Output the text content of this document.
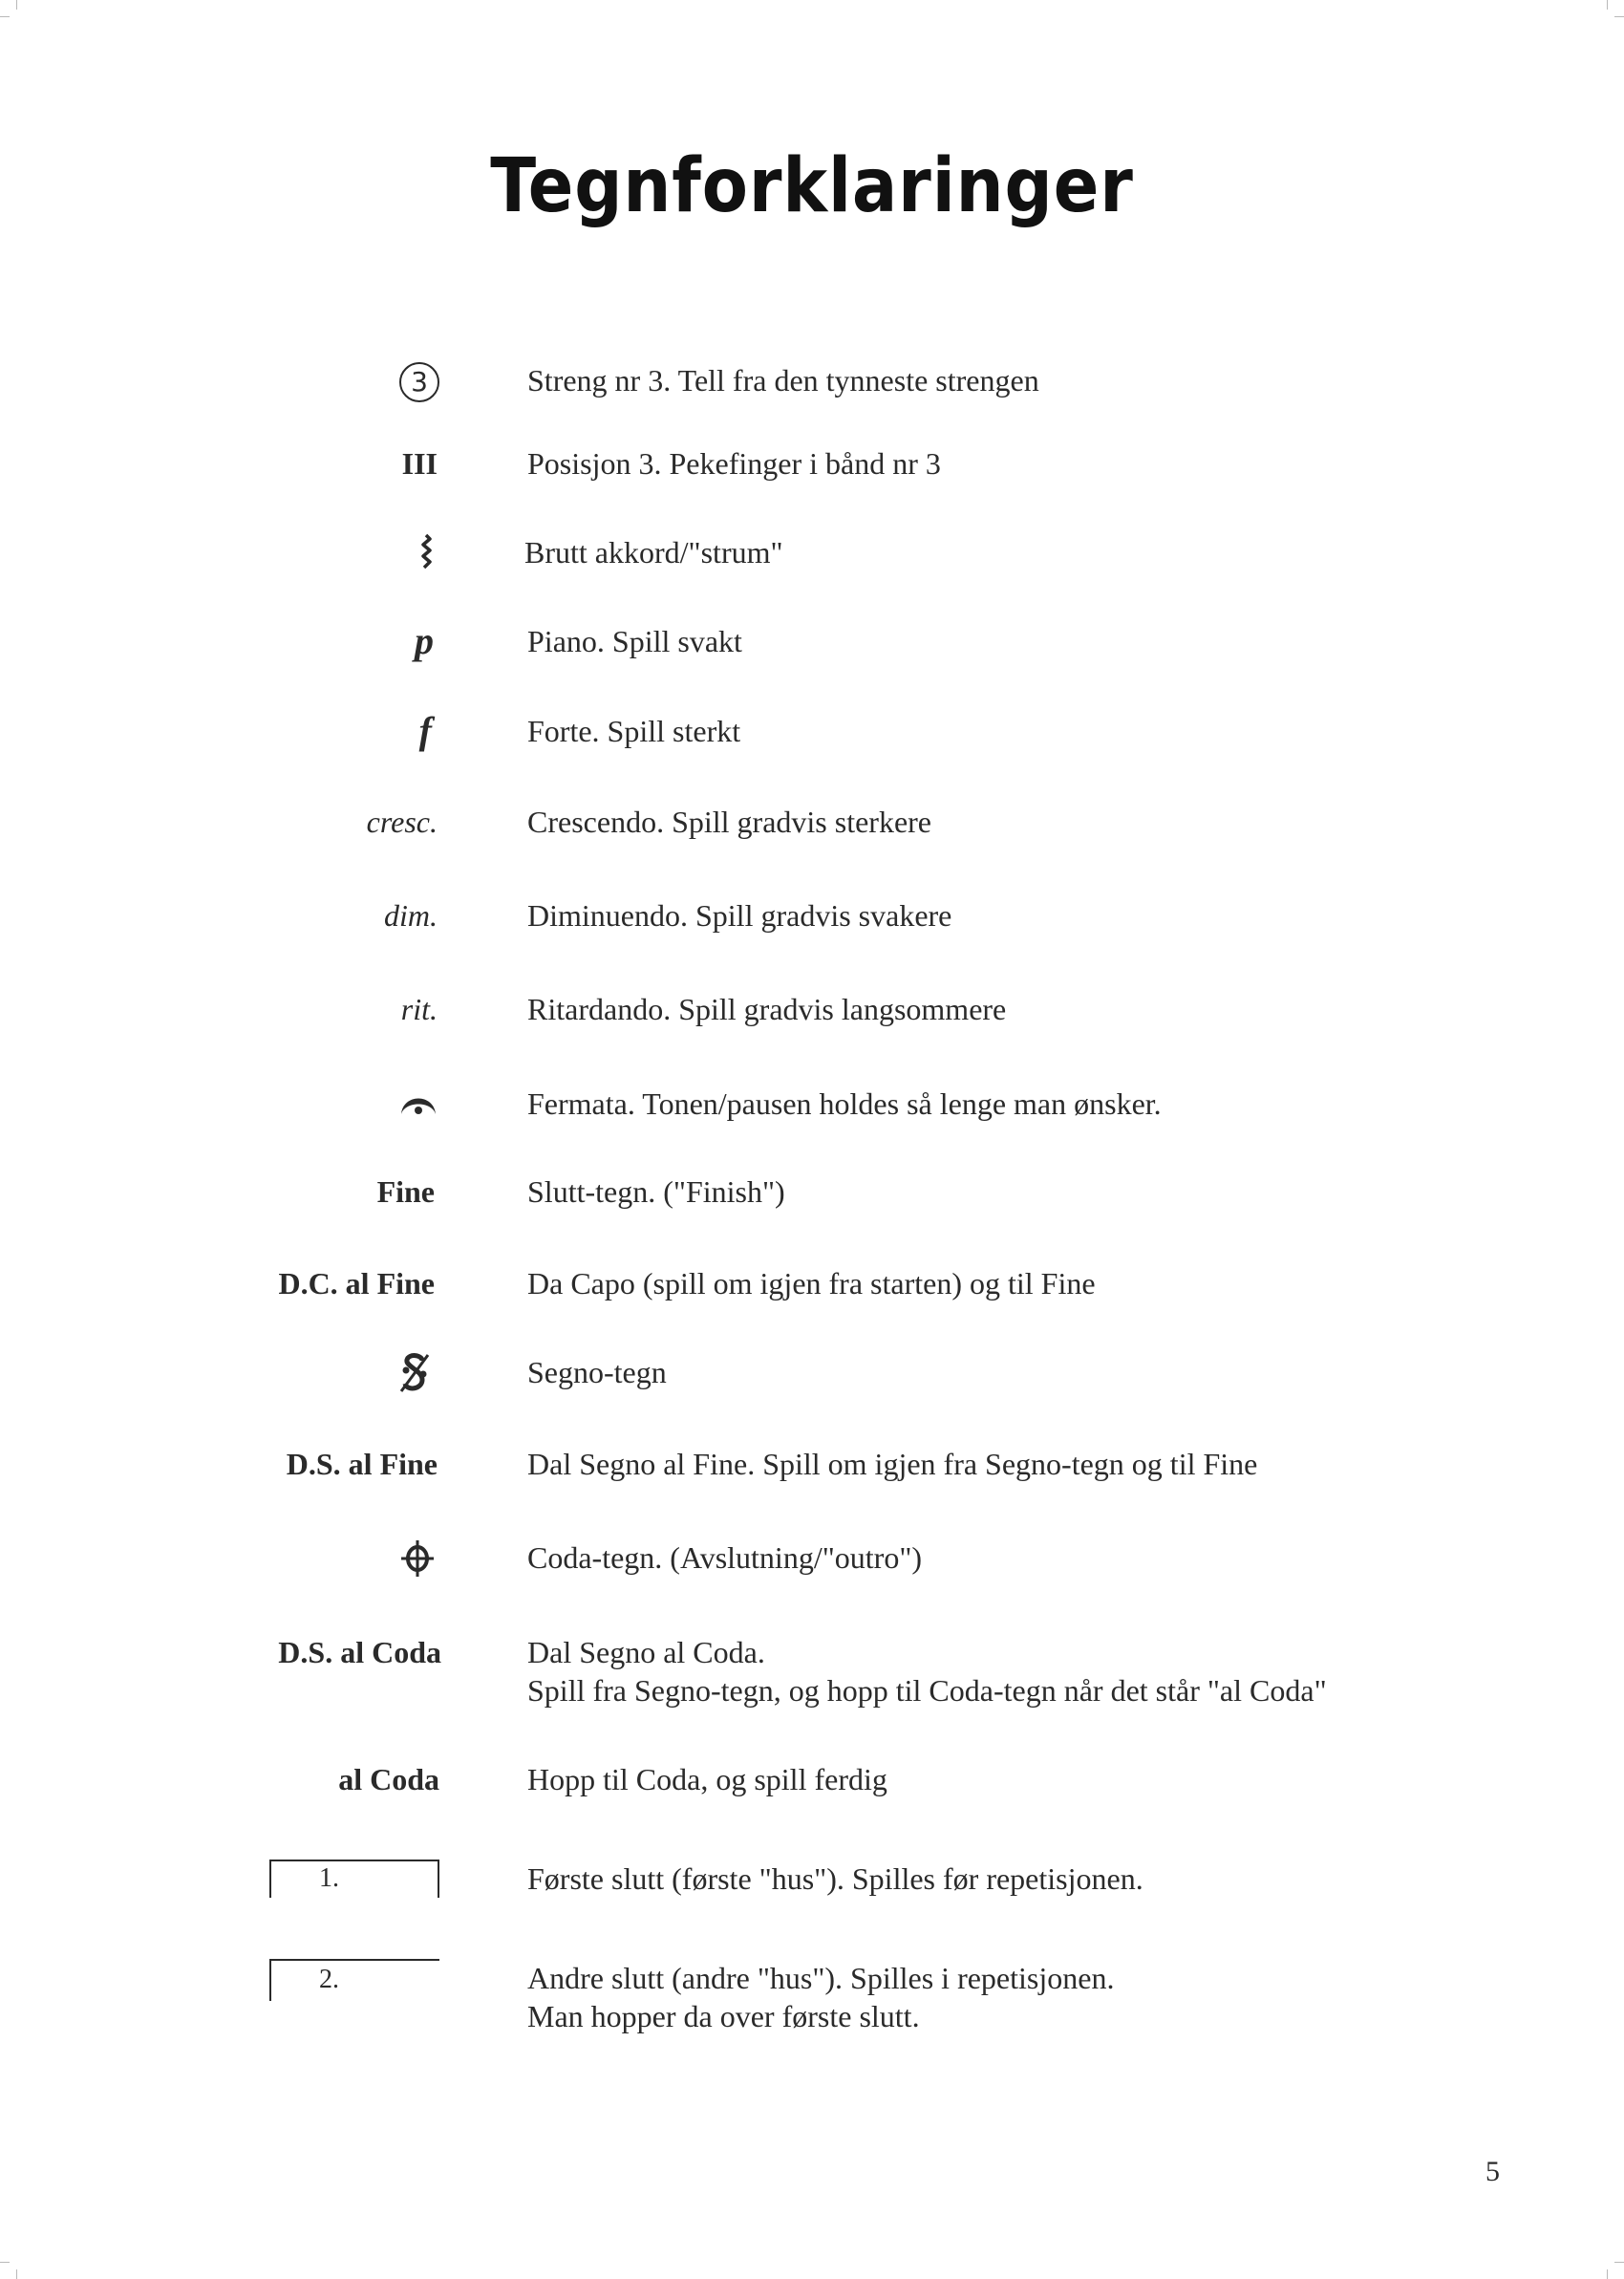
Tegnforklaringer
3	Streng nr 3. Tell fra den tynneste strengen
III	Posisjon 3. Pekefinger i bånd nr 3
Brutt akkord/"strum"
p	Piano. Spill svakt
f	Forte. Spill sterkt
cresc.	Crescendo. Spill gradvis sterkere
dim.	Diminuendo. Spill gradvis svakere
rit.	Ritardando. Spill gradvis langsommere
Fermata. Tonen/pausen holdes så lenge man ønsker.
Fine	Slutt-tegn. ("Finish")
D.C. al Fine	Da Capo (spill om igjen fra starten) og til Fine
Segno-tegn
D.S. al Fine	Dal Segno al Fine. Spill om igjen fra Segno-tegn og til Fine
Coda-tegn. (Avslutning/"outro")
D.S. al Coda	Dal Segno al Coda.
Spill fra Segno-tegn, og hopp til Coda-tegn når det står "al Coda"
al Coda	Hopp til Coda, og spill ferdig
1.	Første slutt (første "hus"). Spilles før repetisjonen.
2.	Andre slutt (andre "hus"). Spilles i repetisjonen.
Man hopper da over første slutt.
5
